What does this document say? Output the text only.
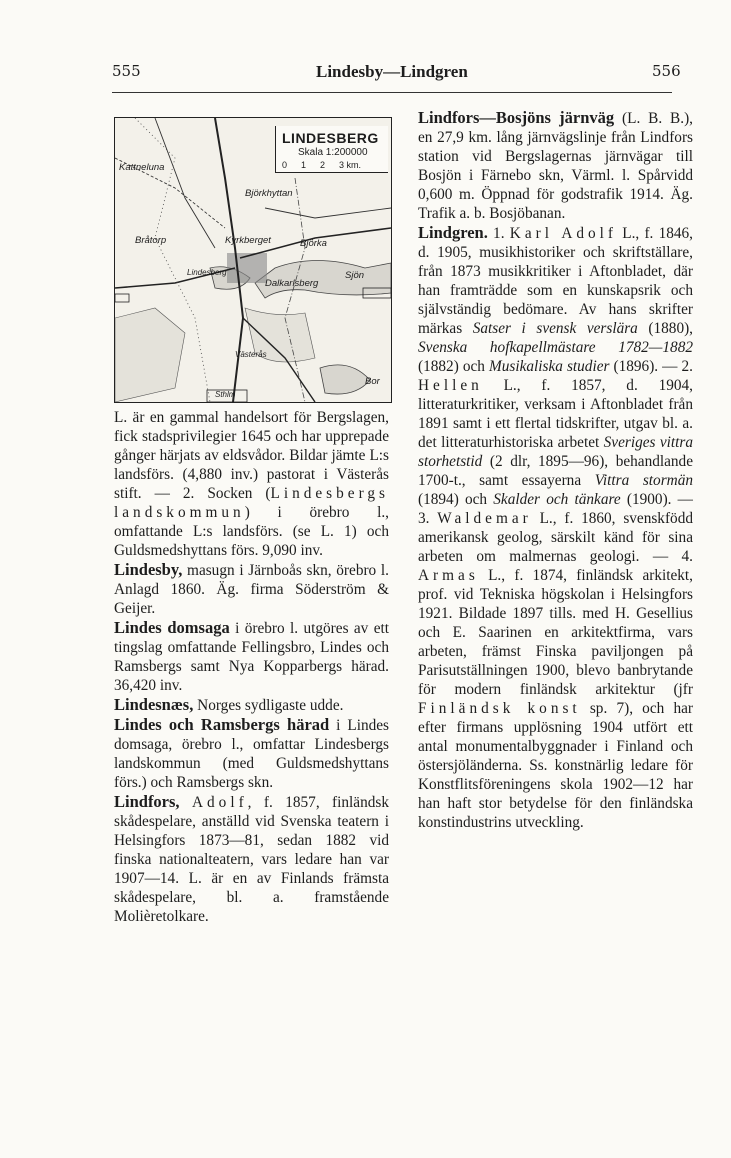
555	Lindesby—Lindgren	556
LINDESBERG
Skala 1:200000
0 1 2 3 km.
Kattneluna
Björkhyttan
Bråtorp	Kyrkberget	Björka
Lindesberg
Dalkarlsberg
Sjön
Bor
Västerås
Sthlm

L. är en gammal handelsort för Bergslagen, fick stadsprivilegier 1645 och har upprepade gånger härjats av eldsvådor. Bildar jämte L:s landsförs. (4,880 inv.) pastorat i Västerås stift. — 2. Socken (Lindesbergs landskommun) i örebro l., omfattande L:s landsförs. (se L. 1) och Guldsmedshyttans förs. 9,090 inv.

Lindesby, masugn i Järnboås skn, örebro l. Anlagd 1860. Äg. firma Söderström & Geijer.

Lindes domsaga i örebro l. utgöres av ett tingslag omfattande Fellingsbro, Lindes och Ramsbergs samt Nya Kopparbergs härad. 36,420 inv.

Lindesnæs, Norges sydligaste udde.

Lindes och Ramsbergs härad i Lindes domsaga, örebro l., omfattar Lindesbergs landskommun (med Guldsmedshyttans förs.) och Ramsbergs skn.

Lindfors, Adolf, f. 1857, finländsk skådespelare, anställd vid Svenska teatern i Helsingfors 1873—81, sedan 1882 vid finska nationalteatern, vars ledare han var 1907—14. L. är en av Finlands främsta skådespelare, bl. a. framstående Molièretolkare.

Lindfors—Bosjöns järnväg (L. B. B.), en 27,9 km. lång järnvägslinje från Lindfors station vid Bergslagernas järnvägar till Bosjön i Färnebo skn, Värml. l. Spårvidd 0,600 m. Öppnad för godstrafik 1914. Äg. Trafik a. b. Bosjöbanan.

Lindgren. 1. Karl Adolf L., f. 1846, d. 1905, musikhistoriker och skriftställare, från 1873 musikkritiker i Aftonbladet, där han framträdde som en kunskapsrik och självständig bedömare. Av hans skrifter märkas Satser i svensk verslära (1880), Svenska hofkapellmästare 1782—1882 (1882) och Musikaliska studier (1896). — 2. Hellen L., f. 1857, d. 1904, litteraturkritiker, verksam i Aftonbladet från 1891 samt i ett flertal tidskrifter, utgav bl. a. det litteraturhistoriska arbetet Sveriges vittra storhetstid (2 dlr, 1895—96), behandlande 1700-t., samt essayerna Vittra stormän (1894) och Skalder och tänkare (1900). — 3. Waldemar L., f. 1860, svenskfödd amerikansk geolog, särskilt känd för sina arbeten om malmernas geologi. — 4. Armas L., f. 1874, finländsk arkitekt, prof. vid Tekniska högskolan i Helsingfors 1921. Bildade 1897 tills. med H. Gesellius och E. Saarinen en arkitektfirma, vars arbeten, främst Finska paviljongen på Parisutställningen 1900, blevo banbrytande för modern finländsk arkitektur (jfr Finländsk konst sp. 7), och har efter firmans upplösning 1904 utfört ett antal monumentalbyggnader i Finland och östersjöländerna. Ss. konstnärlig ledare för Konstflitsföreningens skola 1902—12 har han haft stor betydelse för den finländska konstindustrins utveckling.
